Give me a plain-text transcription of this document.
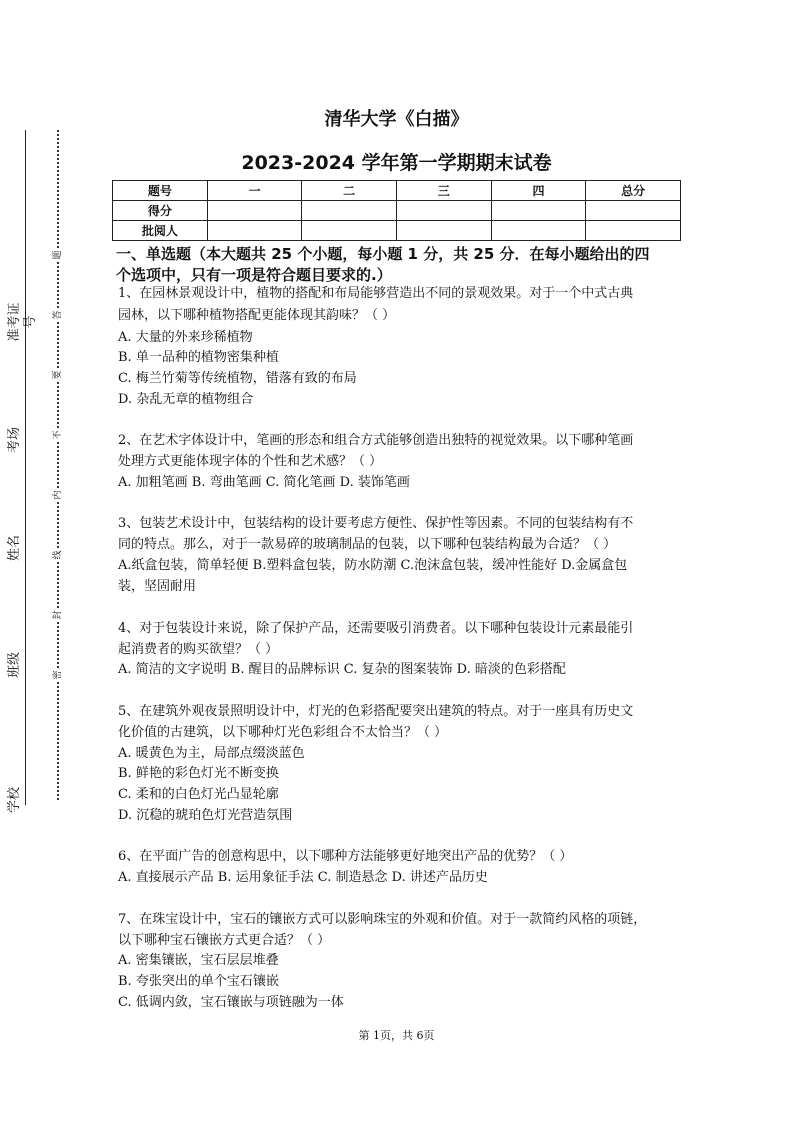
准考证号
考场
姓名
班级
学校
题
答
要
不
内
线
封
密
清华大学《白描》
2023-2024 学年第一学期期末试卷
题号	一	二	三	四	总分
得分					
批阅人					
一、单选题（本大题共 25 个小题，每小题 1 分，共 25 分．在每小题给出的四
个选项中，只有一项是符合题目要求的.）
1、在园林景观设计中，植物的搭配和布局能够营造出不同的景观效果。对于一个中式古典
园林，以下哪种植物搭配更能体现其韵味？（ ）
A. 大量的外来珍稀植物
B. 单一品种的植物密集种植
C. 梅兰竹菊等传统植物，错落有致的布局
D. 杂乱无章的植物组合
2、在艺术字体设计中，笔画的形态和组合方式能够创造出独特的视觉效果。以下哪种笔画
处理方式更能体现字体的个性和艺术感？（ ）
A. 加粗笔画 B. 弯曲笔画 C. 简化笔画 D. 装饰笔画
3、包装艺术设计中，包装结构的设计要考虑方便性、保护性等因素。不同的包装结构有不
同的特点。那么，对于一款易碎的玻璃制品的包装，以下哪种包装结构最为合适？（ ）
A.纸盒包装，简单轻便 B.塑料盒包装，防水防潮 C.泡沫盒包装，缓冲性能好 D.金属盒包
装，坚固耐用
4、对于包装设计来说，除了保护产品，还需要吸引消费者。以下哪种包装设计元素最能引
起消费者的购买欲望？（ ）
A. 简洁的文字说明 B. 醒目的品牌标识 C. 复杂的图案装饰 D. 暗淡的色彩搭配
5、在建筑外观夜景照明设计中，灯光的色彩搭配要突出建筑的特点。对于一座具有历史文
化价值的古建筑，以下哪种灯光色彩组合不太恰当？（ ）
A. 暖黄色为主，局部点缀淡蓝色
B. 鲜艳的彩色灯光不断变换
C. 柔和的白色灯光凸显轮廓
D. 沉稳的琥珀色灯光营造氛围
6、在平面广告的创意构思中，以下哪种方法能够更好地突出产品的优势？（ ）
A. 直接展示产品 B. 运用象征手法 C. 制造悬念 D. 讲述产品历史
7、在珠宝设计中，宝石的镶嵌方式可以影响珠宝的外观和价值。对于一款简约风格的项链，
以下哪种宝石镶嵌方式更合适？（ ）
A. 密集镶嵌，宝石层层堆叠
B. 夸张突出的单个宝石镶嵌
C. 低调内敛，宝石镶嵌与项链融为一体
第 1页，共 6页
